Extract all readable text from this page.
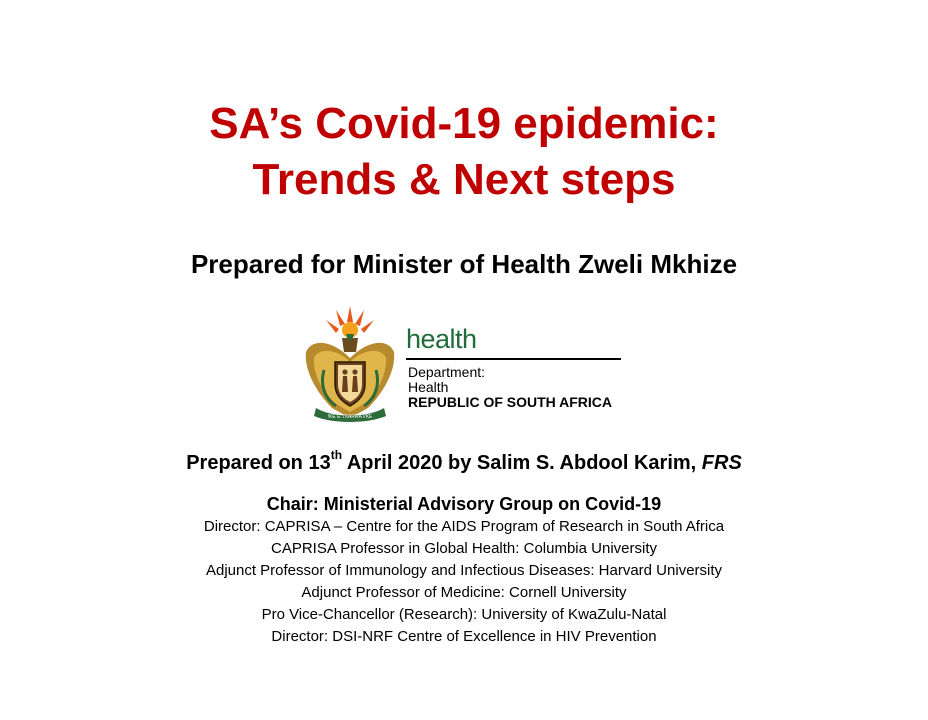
SA’s Covid-19 epidemic:
Trends & Next steps
Prepared for Minister of Health Zweli Mkhize
!KE E: /XARRA //KE
health
Department:
Health
REPUBLIC OF SOUTH AFRICA
Prepared on 13th April 2020 by Salim S. Abdool Karim, FRS
Chair: Ministerial Advisory Group on Covid-19
Director: CAPRISA – Centre for the AIDS Program of Research in South Africa
CAPRISA Professor in Global Health: Columbia University
Adjunct Professor of Immunology and Infectious Diseases: Harvard University
Adjunct Professor of Medicine: Cornell University
Pro Vice-Chancellor (Research): University of KwaZulu-Natal
Director: DSI-NRF Centre of Excellence in HIV Prevention
